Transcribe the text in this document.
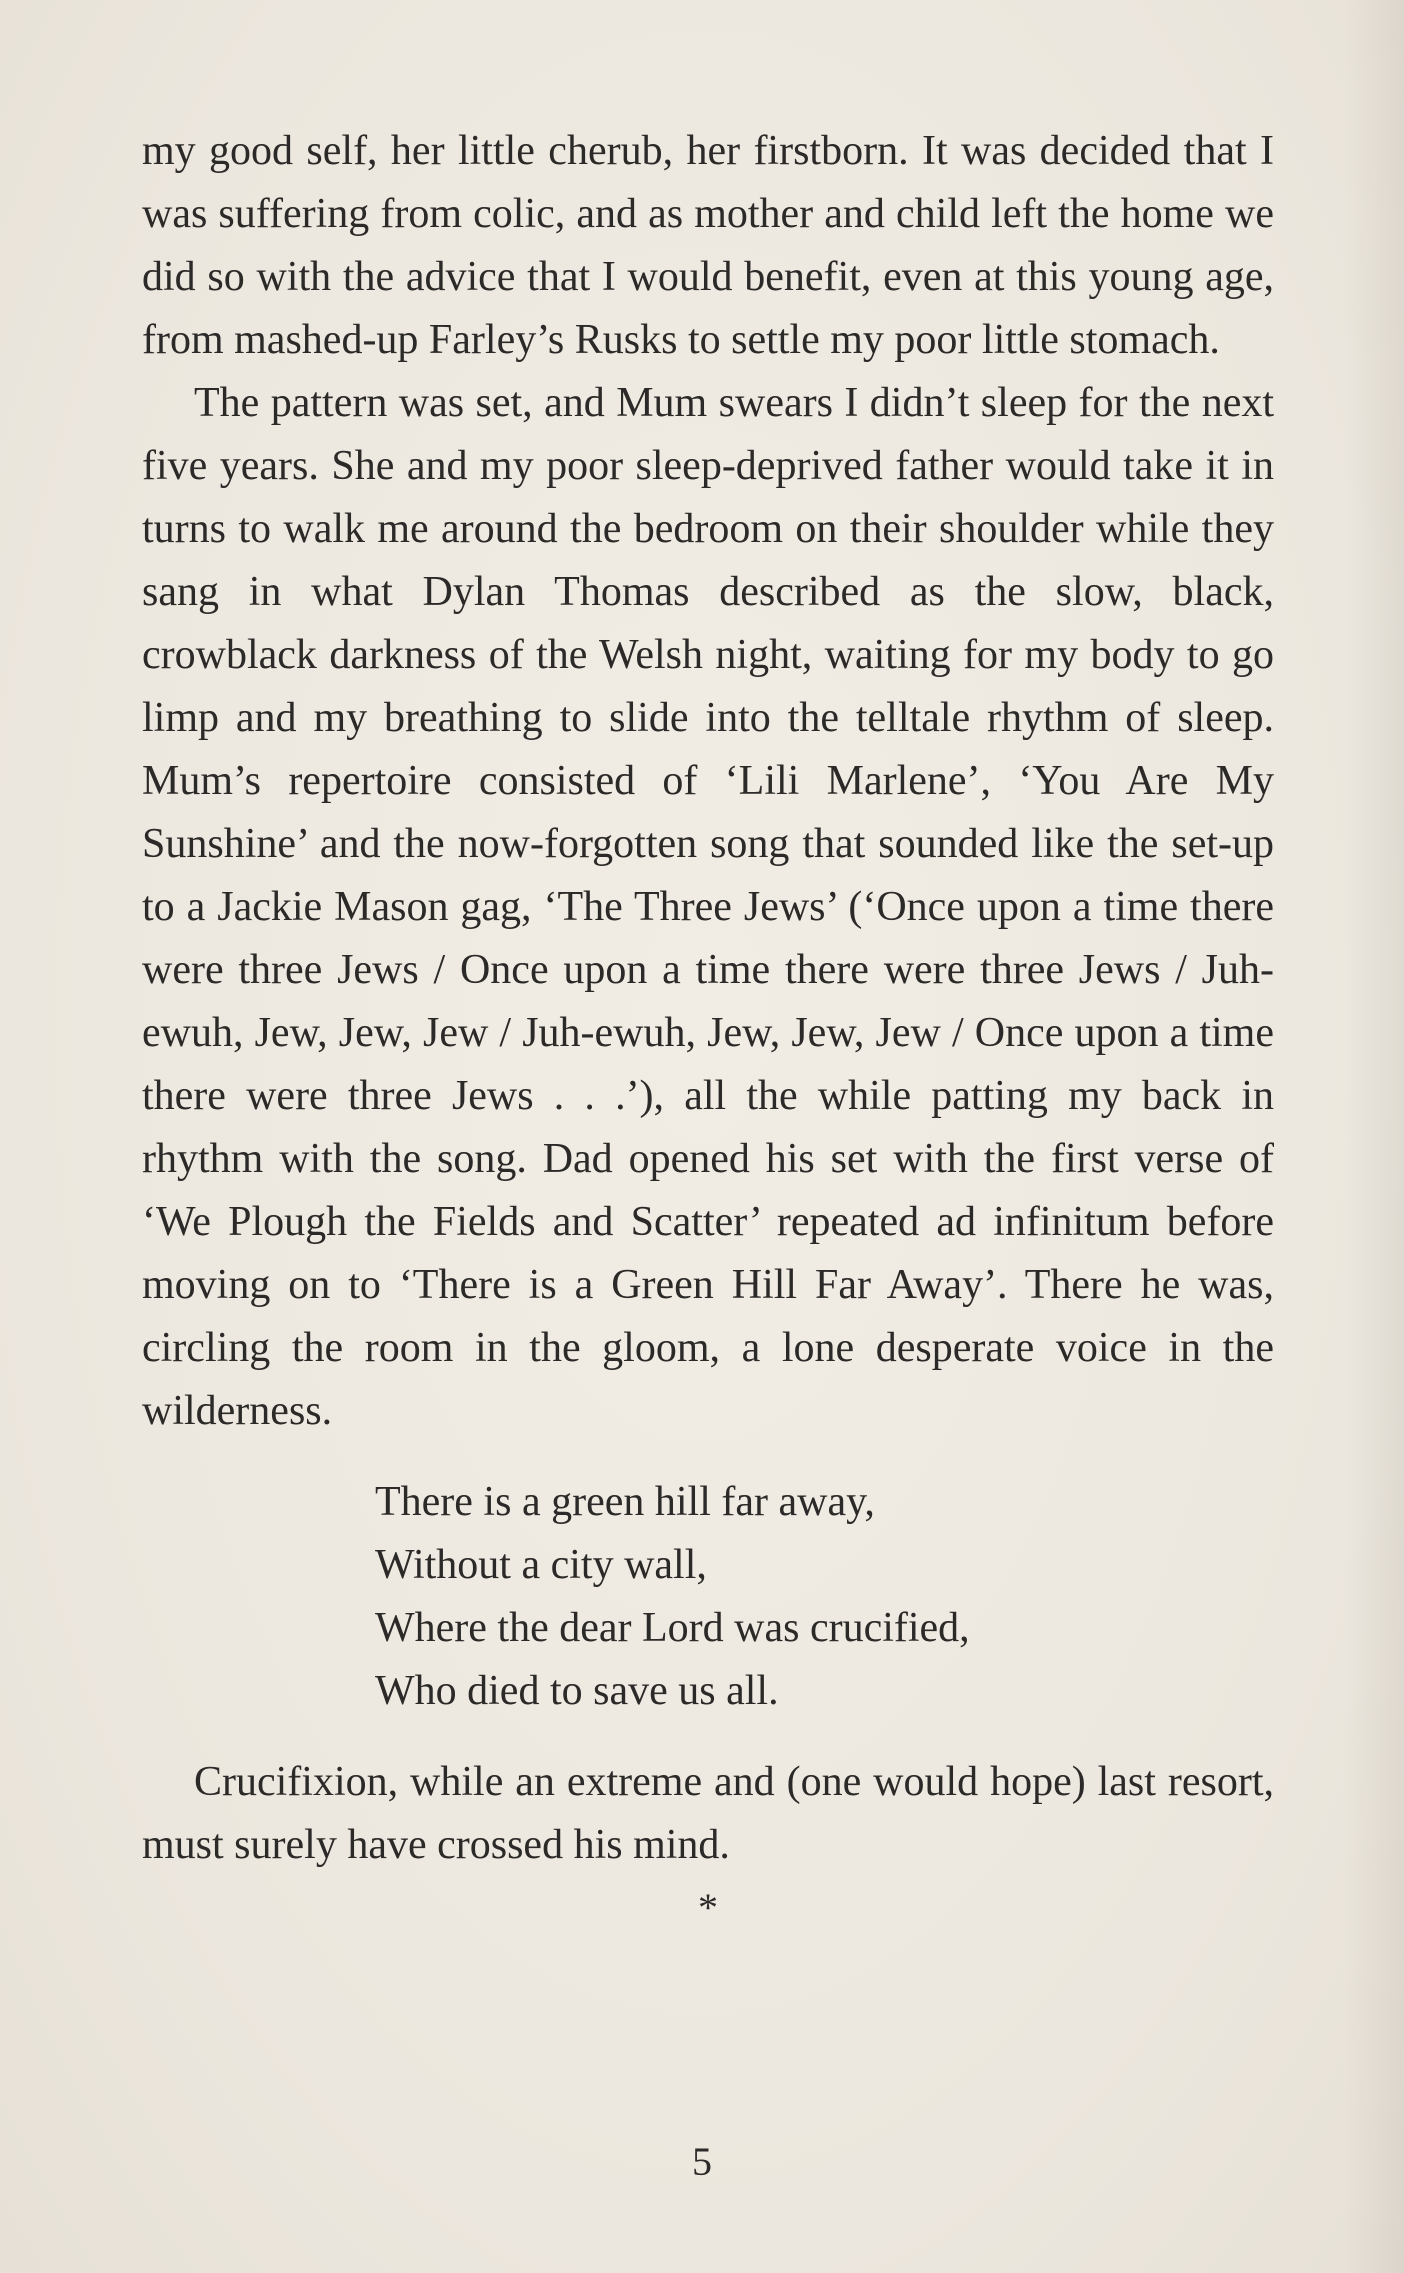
my good self, her little cherub, her firstborn. It was decided that I was suffering from colic, and as mother and child left the home we did so with the advice that I would benefit, even at this young age, from mashed-up Farley’s Rusks to settle my poor little stomach.

The pattern was set, and Mum swears I didn’t sleep for the next five years. She and my poor sleep-deprived father would take it in turns to walk me around the bedroom on their shoulder while they sang in what Dylan Thomas described as the slow, black, crowblack darkness of the Welsh night, waiting for my body to go limp and my breathing to slide into the telltale rhythm of sleep. Mum’s repertoire consisted of ‘Lili Marlene’, ‘You Are My Sunshine’ and the now-forgotten song that sounded like the set-up to a Jackie Mason gag, ‘The Three Jews’ (‘Once upon a time there were three Jews / Once upon a time there were three Jews / Juh-ewuh, Jew, Jew, Jew / Juh-ewuh, Jew, Jew, Jew / Once upon a time there were three Jews . . .’), all the while patting my back in rhythm with the song. Dad opened his set with the first verse of ‘We Plough the Fields and Scatter’ repeated ad infinitum before moving on to ‘There is a Green Hill Far Away’. There he was, circling the room in the gloom, a lone desperate voice in the wilderness.

There is a green hill far away,
Without a city wall,
Where the dear Lord was crucified,
Who died to save us all.

Crucifixion, while an extreme and (one would hope) last resort, must surely have crossed his mind.

*
5
